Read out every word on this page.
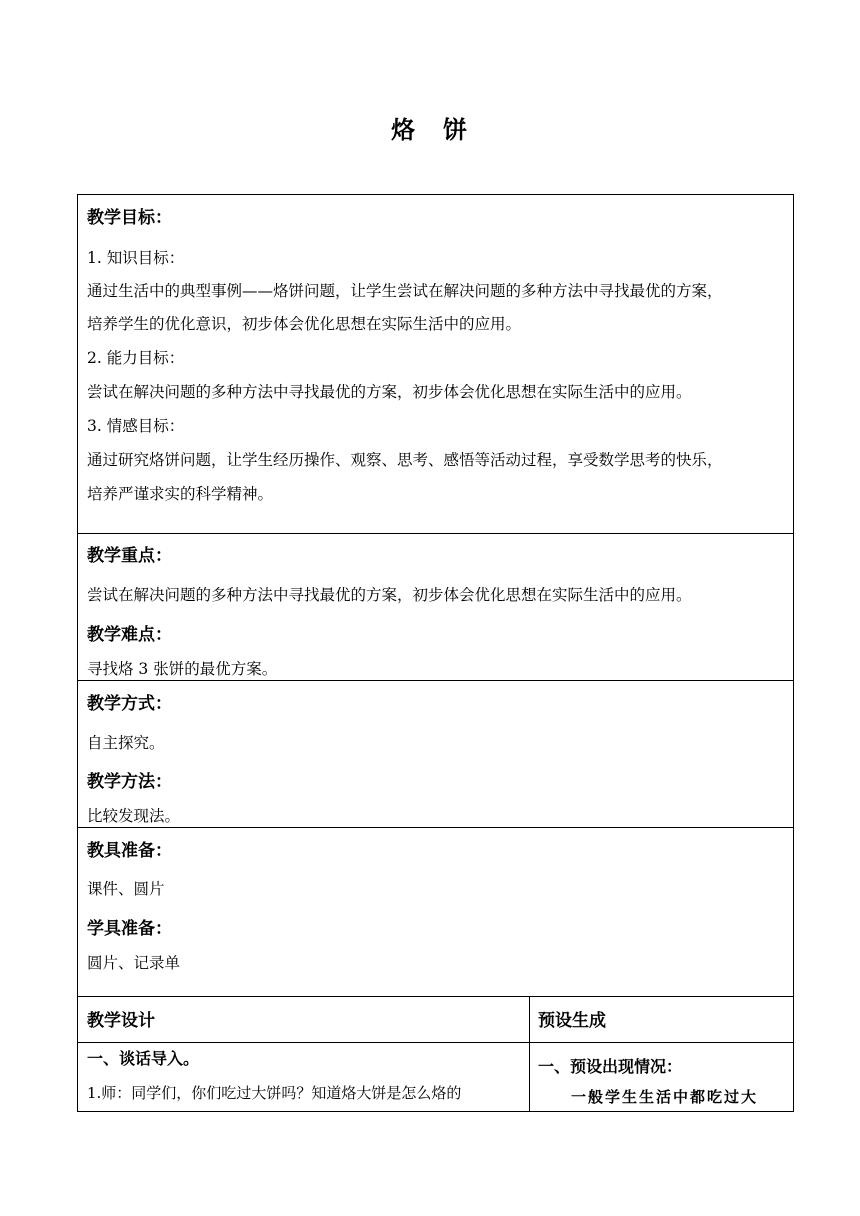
烙 饼
教学目标：
1. 知识目标：
通过生活中的典型事例——烙饼问题，让学生尝试在解决问题的多种方法中寻找最优的方案，
培养学生的优化意识，初步体会优化思想在实际生活中的应用。
2. 能力目标：
尝试在解决问题的多种方法中寻找最优的方案，初步体会优化思想在实际生活中的应用。
3. 情感目标：
通过研究烙饼问题，让学生经历操作、观察、思考、感悟等活动过程，享受数学思考的快乐，
培养严谨求实的科学精神。
教学重点：
尝试在解决问题的多种方法中寻找最优的方案，初步体会优化思想在实际生活中的应用。
教学难点：
寻找烙 3 张饼的最优方案。
教学方式：
自主探究。
教学方法：
比较发现法。
教具准备：
课件、圆片
学具准备：
圆片、记录单
教学设计	预设生成
一、谈话导入。
1.师：同学们，你们吃过大饼吗？知道烙大饼是怎么烙的
一、预设出现情况：
一般学生生活中都吃过大
